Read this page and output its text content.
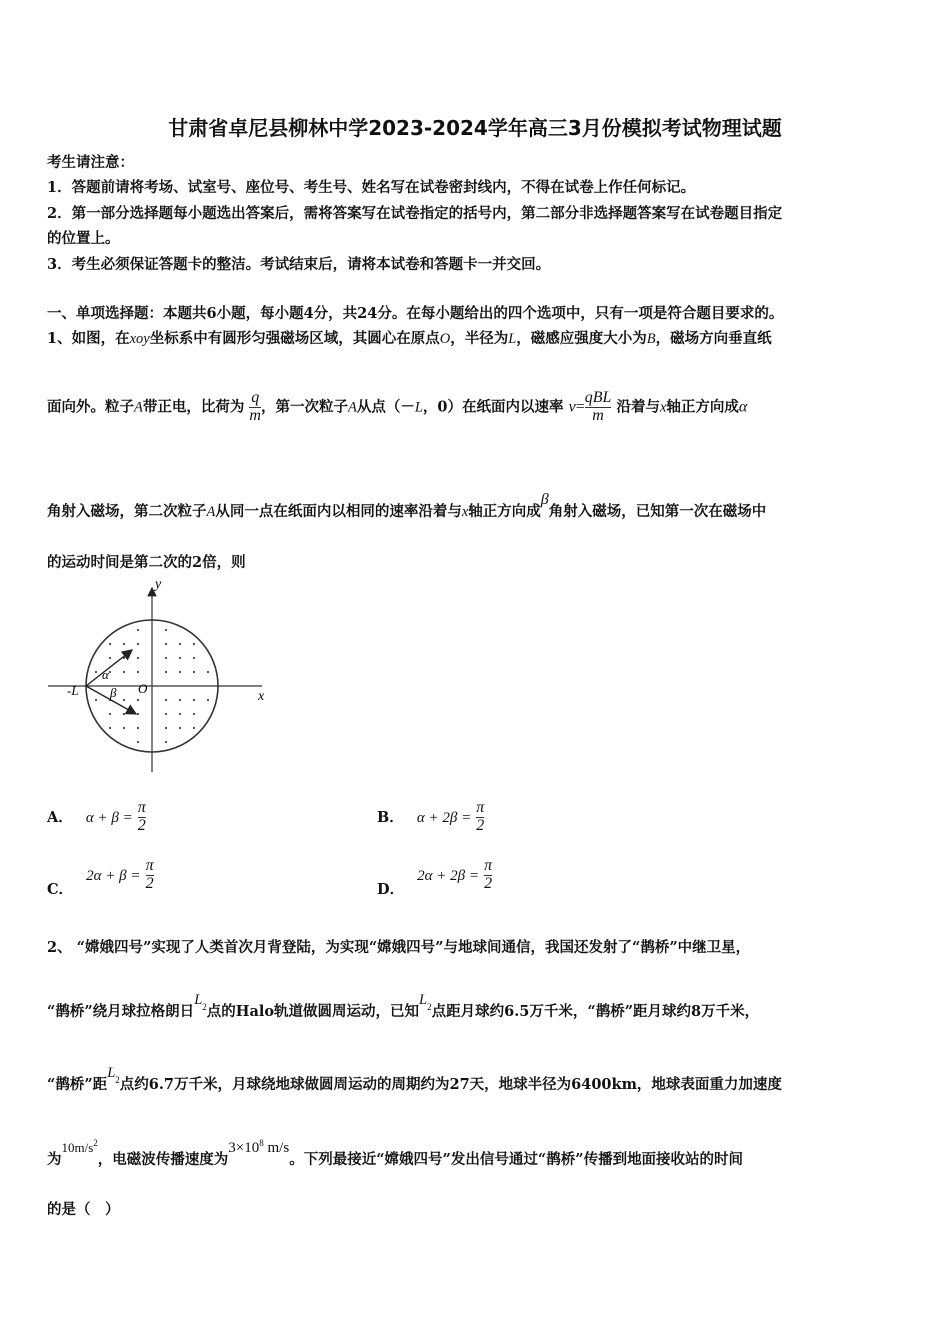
甘肃省卓尼县柳林中学2023-2024学年高三3月份模拟考试物理试题
考生请注意：
1．答题前请将考场、试室号、座位号、考生号、姓名写在试卷密封线内，不得在试卷上作任何标记。
2．第一部分选择题每小题选出答案后，需将答案写在试卷指定的括号内，第二部分非选择题答案写在试卷题目指定
的位置上。
3．考生必须保证答题卡的整洁。考试结束后，请将本试卷和答题卡一并交回。
一、单项选择题：本题共6小题，每小题4分，共24分。在每小题给出的四个选项中，只有一项是符合题目要求的。
1、如图，在xoy坐标系中有圆形匀强磁场区域，其圆心在原点O，半径为L，磁感应强度大小为B，磁场方向垂直纸
面向外。粒子A带正电，比荷为 $\frac{q}{m}$ ，第一次粒子A从点（－L，0）在纸面内以速率 $v= \frac{\text{qBL}}{m}$ 沿着与x轴正方向成α
角射入磁场，第二次粒子A从同一点在纸面内以相同的速率沿着与x轴正方向成β角射入磁场，已知第一次在磁场中
的运动时间是第二次的2倍，则
y
x
O
-L
α
β
A． $\alpha + \beta = \frac{\pi}{2}$	B． $\alpha + 2\beta = \frac{\pi}{2}$
C． $2\alpha + \beta = \frac{\pi}{2}$	D． $2\alpha + 2\beta = \frac{\pi}{2}$
2、 “嫦娥四号”实现了人类首次月背登陆，为实现“嫦娥四号”与地球间通信，我国还发射了“鹊桥”中继卫星，
“鹊桥”绕月球拉格朗日$L_2$点的Halo轨道做圆周运动，已知$L_2$点距月球约6.5万千米，“鹊桥”距月球约8万千米，
“鹊桥”距$L_2$点约6.7万千米，月球绕地球做圆周运动的周期约为27天，地球半径为6400km，地球表面重力加速度
为$10m/s^2$，电磁波传播速度为$3\times 10^8$ m/s。下列最接近“嫦娥四号”发出信号通过“鹊桥”传播到地面接收站的时间
的是（　）
